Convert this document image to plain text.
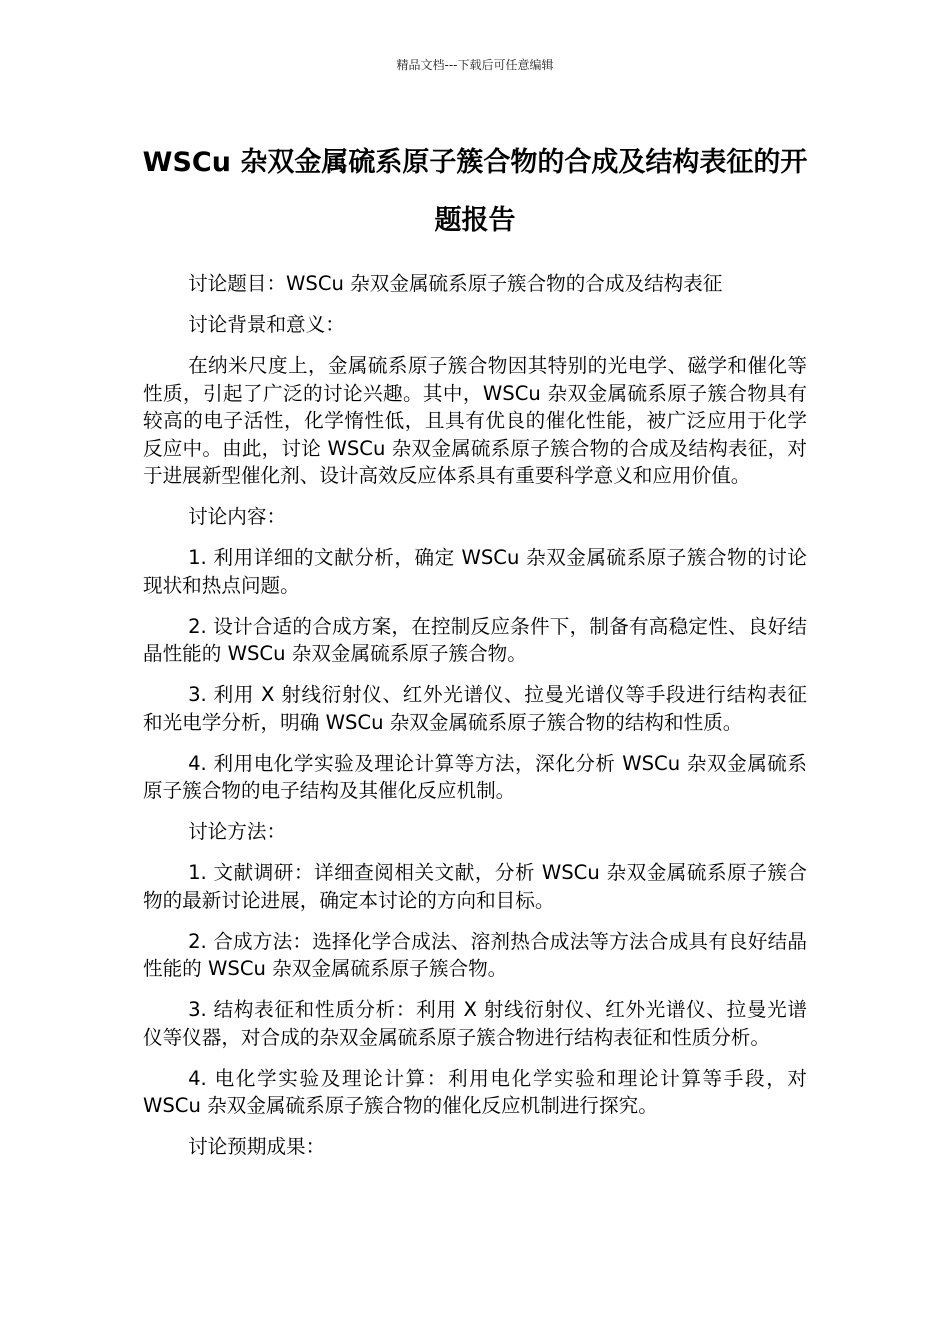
精品文档---下载后可任意编辑
WSCu 杂双金属硫系原子簇合物的合成及结构表征的开题报告

讨论题目：WSCu 杂双金属硫系原子簇合物的合成及结构表征

讨论背景和意义：

在纳米尺度上，金属硫系原子簇合物因其特别的光电学、磁学和催化等性质，引起了广泛的讨论兴趣。其中，WSCu 杂双金属硫系原子簇合物具有较高的电子活性，化学惰性低，且具有优良的催化性能，被广泛应用于化学反应中。由此，讨论 WSCu 杂双金属硫系原子簇合物的合成及结构表征，对于进展新型催化剂、设计高效反应体系具有重要科学意义和应用价值。

讨论内容：

1. 利用详细的文献分析，确定 WSCu 杂双金属硫系原子簇合物的讨论现状和热点问题。

2. 设计合适的合成方案，在控制反应条件下，制备有高稳定性、良好结晶性能的 WSCu 杂双金属硫系原子簇合物。

3. 利用 X 射线衍射仪、红外光谱仪、拉曼光谱仪等手段进行结构表征和光电学分析，明确 WSCu 杂双金属硫系原子簇合物的结构和性质。

4. 利用电化学实验及理论计算等方法，深化分析 WSCu 杂双金属硫系原子簇合物的电子结构及其催化反应机制。

讨论方法：

1. 文献调研：详细查阅相关文献，分析 WSCu 杂双金属硫系原子簇合物的最新讨论进展，确定本讨论的方向和目标。

2. 合成方法：选择化学合成法、溶剂热合成法等方法合成具有良好结晶性能的 WSCu 杂双金属硫系原子簇合物。

3. 结构表征和性质分析：利用 X 射线衍射仪、红外光谱仪、拉曼光谱仪等仪器，对合成的杂双金属硫系原子簇合物进行结构表征和性质分析。

4. 电化学实验及理论计算：利用电化学实验和理论计算等手段，对 WSCu 杂双金属硫系原子簇合物的催化反应机制进行探究。

讨论预期成果：
